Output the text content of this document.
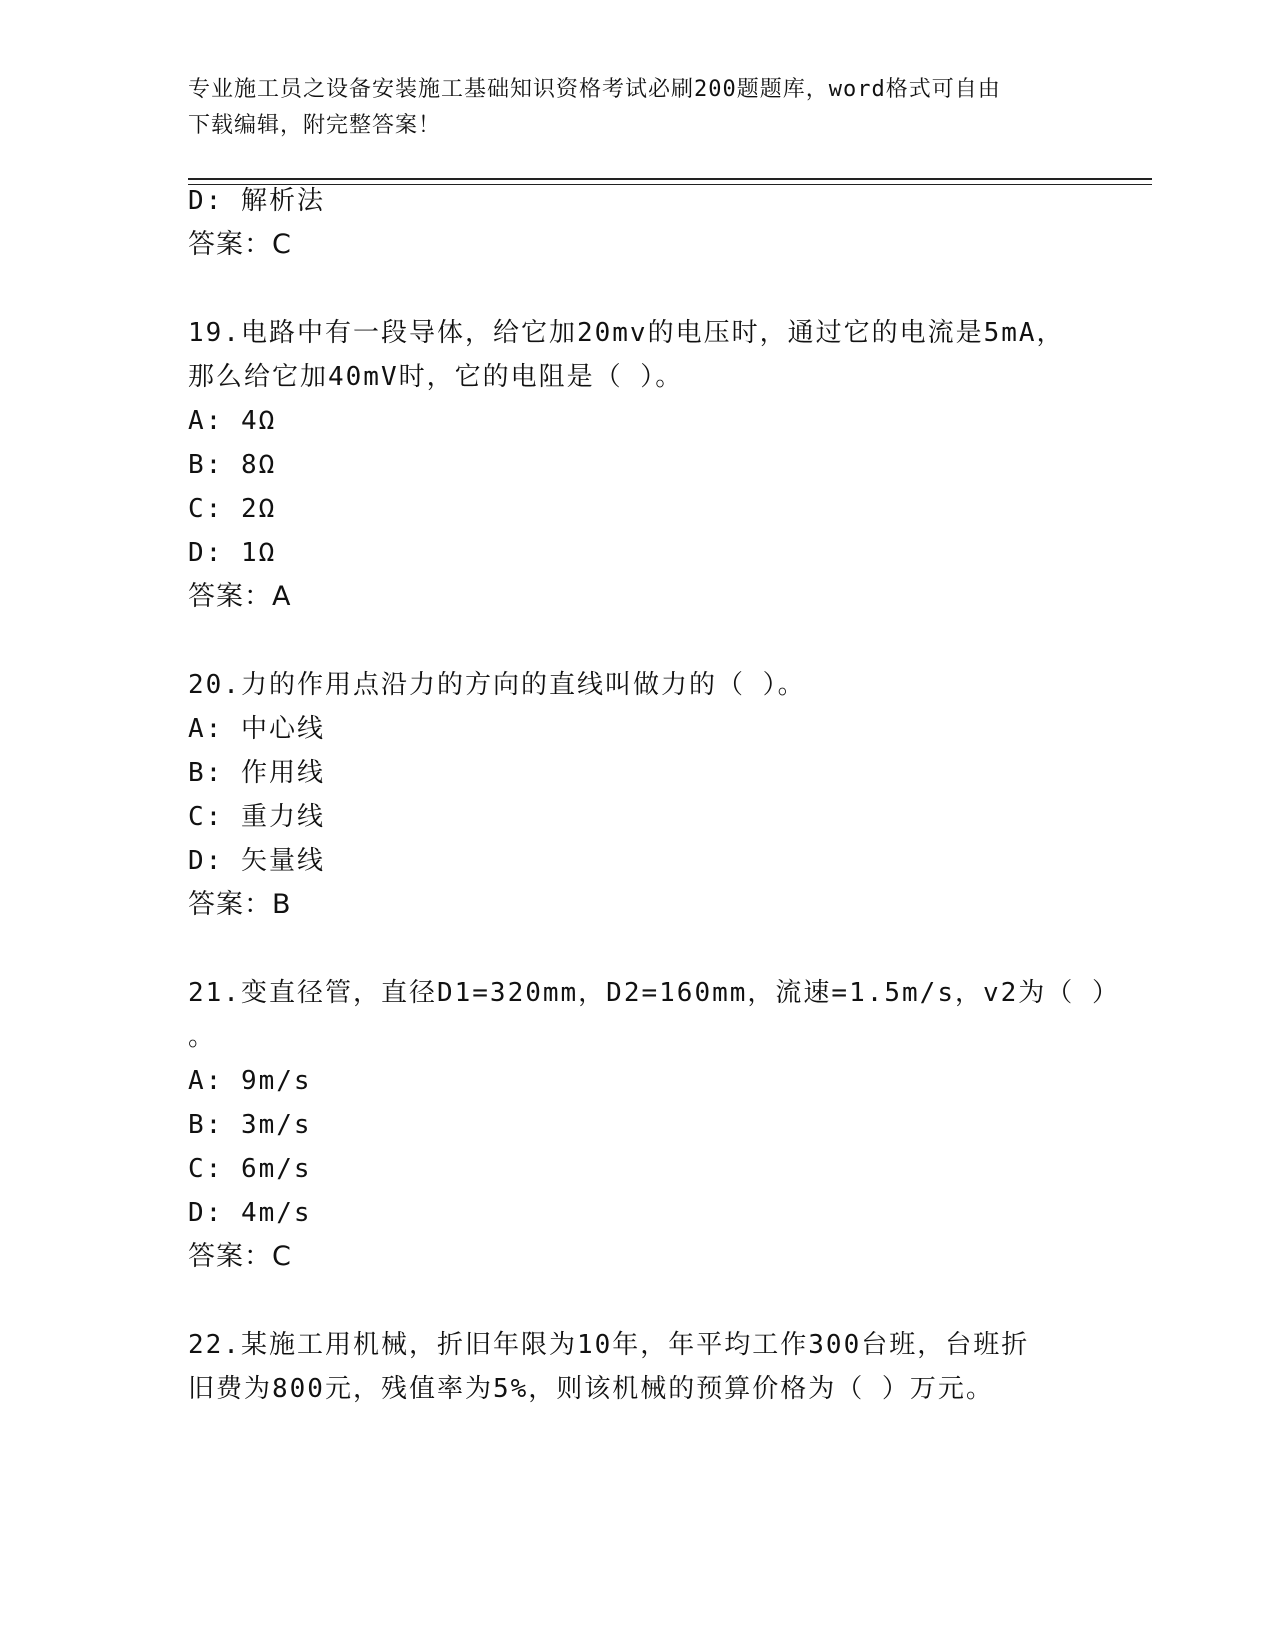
专业施工员之设备安装施工基础知识资格考试必刷200题题库，word格式可自由
下载编辑，附完整答案！
D: 解析法
答案：C
19.电路中有一段导体，给它加20mv的电压时，通过它的电流是5mA，
那么给它加40mV时，它的电阻是（ ）。
A: 4Ω
B: 8Ω
C: 2Ω
D: 1Ω
答案：A
20.力的作用点沿力的方向的直线叫做力的（ ）。
A: 中心线
B: 作用线
C: 重力线
D: 矢量线
答案：B
21.变直径管，直径D1=320mm，D2=160mm，流速=1.5m/s，v2为（ ）
。
A: 9m/s
B: 3m/s
C: 6m/s
D: 4m/s
答案：C
22.某施工用机械，折旧年限为10年，年平均工作300台班，台班折
旧费为800元，残值率为5%，则该机械的预算价格为（ ）万元。
